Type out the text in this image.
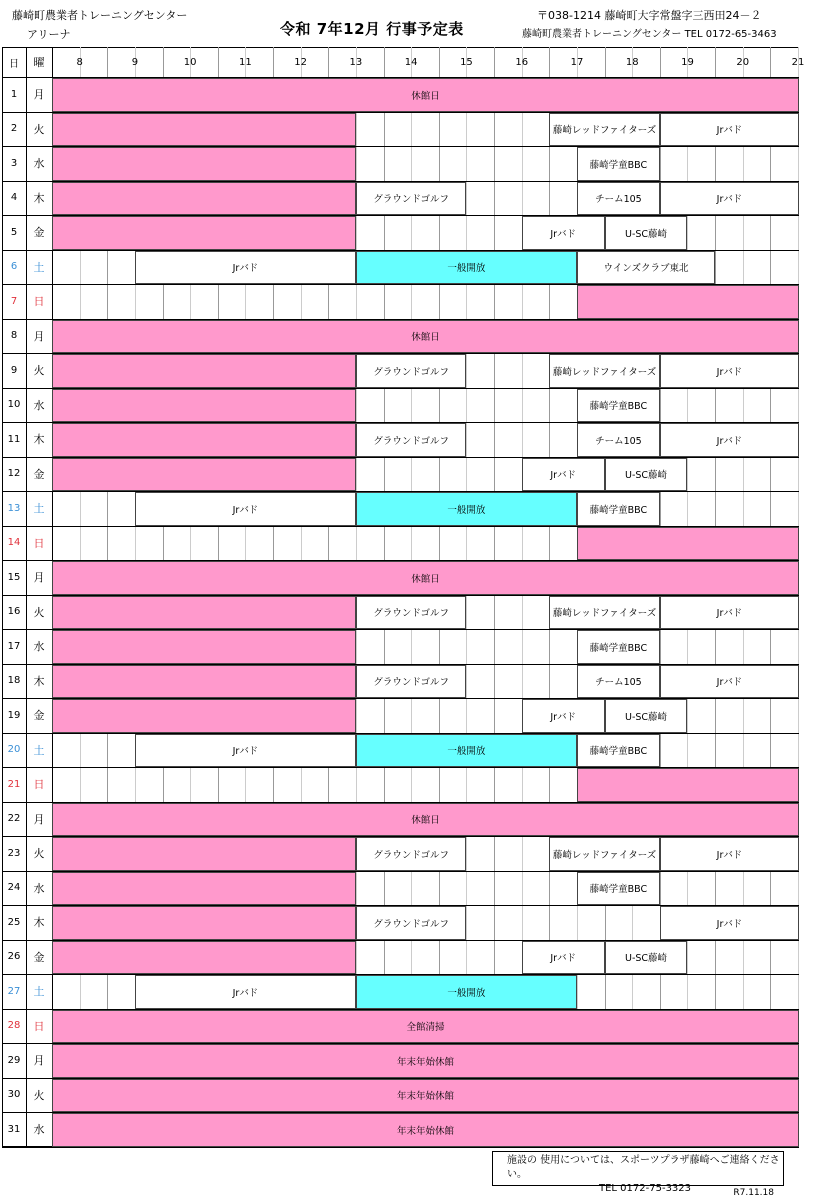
藤崎町農業者トレーニングセンター
アリーナ	令和 7年12月 行事予定表
〒038-1214 藤崎町大字常盤字三西田24－２
藤崎町農業者トレーニングセンター TEL 0172-65-3463
日	曜	8	9	10	11	12	13	14	15	16	17	18	19	20	21
1	月	休館日
2	火	藤崎レッドファイターズ	Jrバド
3	水	藤崎学童BBC
4	木	グラウンドゴルフ	チーム105	Jrバド
5	金	Jrバド	U-SC藤崎
6	土	Jrバド	一般開放	ウインズクラブ東北
7	日
8	月	休館日
9	火	グラウンドゴルフ	藤崎レッドファイターズ	Jrバド
10	水	藤崎学童BBC
11	木	グラウンドゴルフ	チーム105	Jrバド
12	金	Jrバド	U-SC藤崎
13	土	Jrバド	一般開放	藤崎学童BBC
14	日
15	月	休館日
16	火	グラウンドゴルフ	藤崎レッドファイターズ	Jrバド
17	水	藤崎学童BBC
18	木	グラウンドゴルフ	チーム105	Jrバド
19	金	Jrバド	U-SC藤崎
20	土	Jrバド	一般開放	藤崎学童BBC
21	日
22	月	休館日
23	火	グラウンドゴルフ	藤崎レッドファイターズ	Jrバド
24	水	藤崎学童BBC
25	木	グラウンドゴルフ	Jrバド
26	金	Jrバド	U-SC藤崎
27	土	Jrバド	一般開放
28	日	全館清掃
29	月	年末年始休館
30	火	年末年始休館
31	水	年末年始休館
施設の 使用については、スポーツプラザ藤崎へご連絡ください。
TEL 0172-75-3323	R7.11.18
